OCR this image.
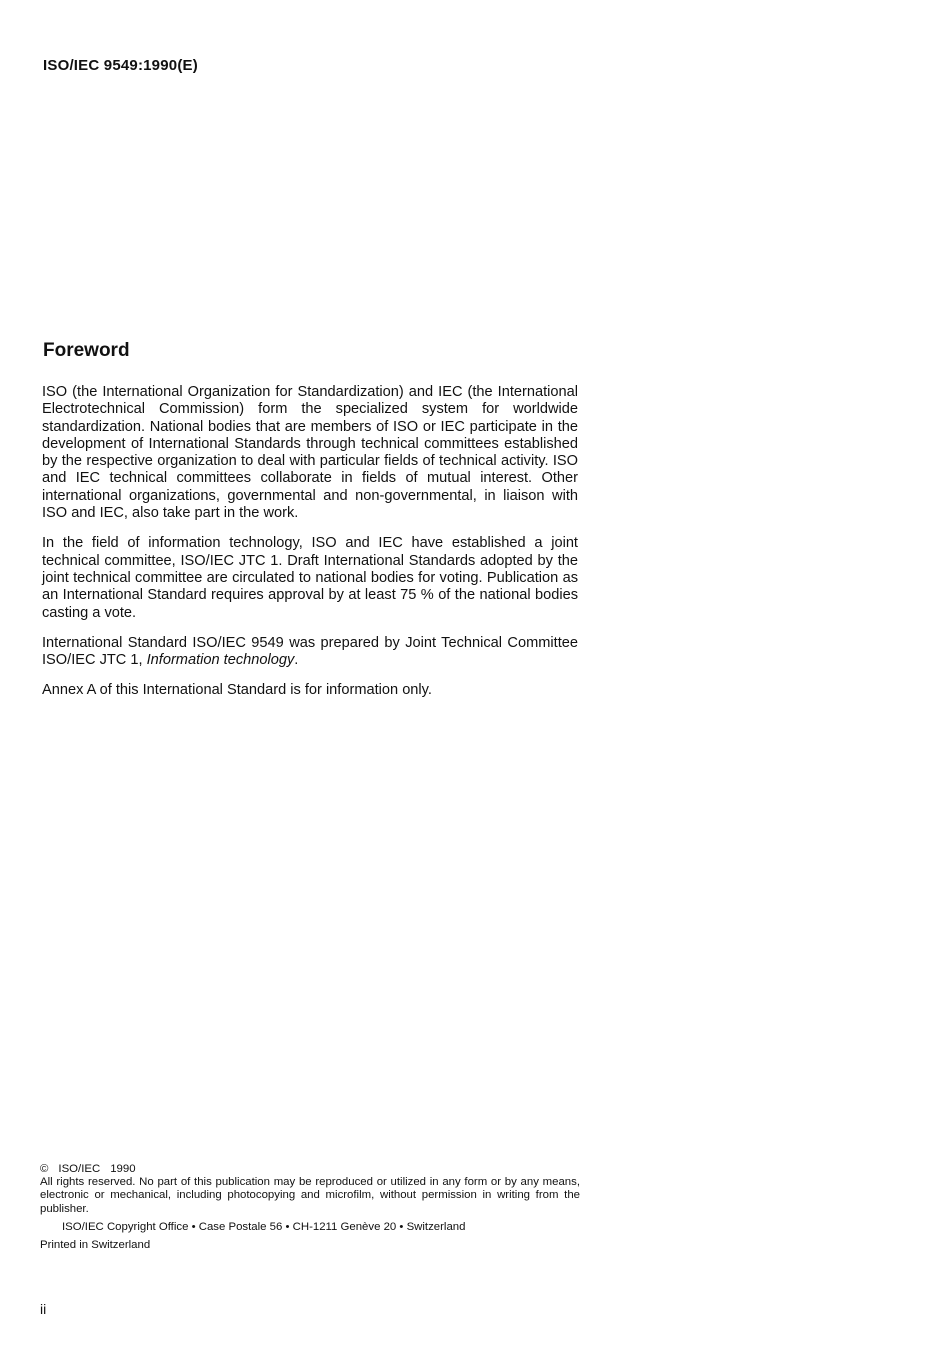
ISO/IEC 9549:1990(E)

Foreword

ISO (the International Organization for Standardization) and IEC (the International Electrotechnical Commission) form the specialized system for worldwide standardization. National bodies that are members of ISO or IEC participate in the development of International Standards through technical committees established by the respective organization to deal with particular fields of technical activity. ISO and IEC technical committees collaborate in fields of mutual interest. Other international organizations, governmental and non-governmental, in liaison with ISO and IEC, also take part in the work.

In the field of information technology, ISO and IEC have established a joint technical committee, ISO/IEC JTC 1. Draft International Standards adopted by the joint technical committee are circulated to national bodies for voting. Publication as an International Standard requires approval by at least 75 % of the national bodies casting a vote.

International Standard ISO/IEC 9549 was prepared by Joint Technical Committee ISO/IEC JTC 1, Information technology.

Annex A of this International Standard is for information only.

© ISO/IEC 1990

All rights reserved. No part of this publication may be reproduced or utilized in any form or by any means, electronic or mechanical, including photocopying and microfilm, without permission in writing from the publisher.

ISO/IEC Copyright Office • Case Postale 56 • CH-1211 Genève 20 • Switzerland

Printed in Switzerland

ii
